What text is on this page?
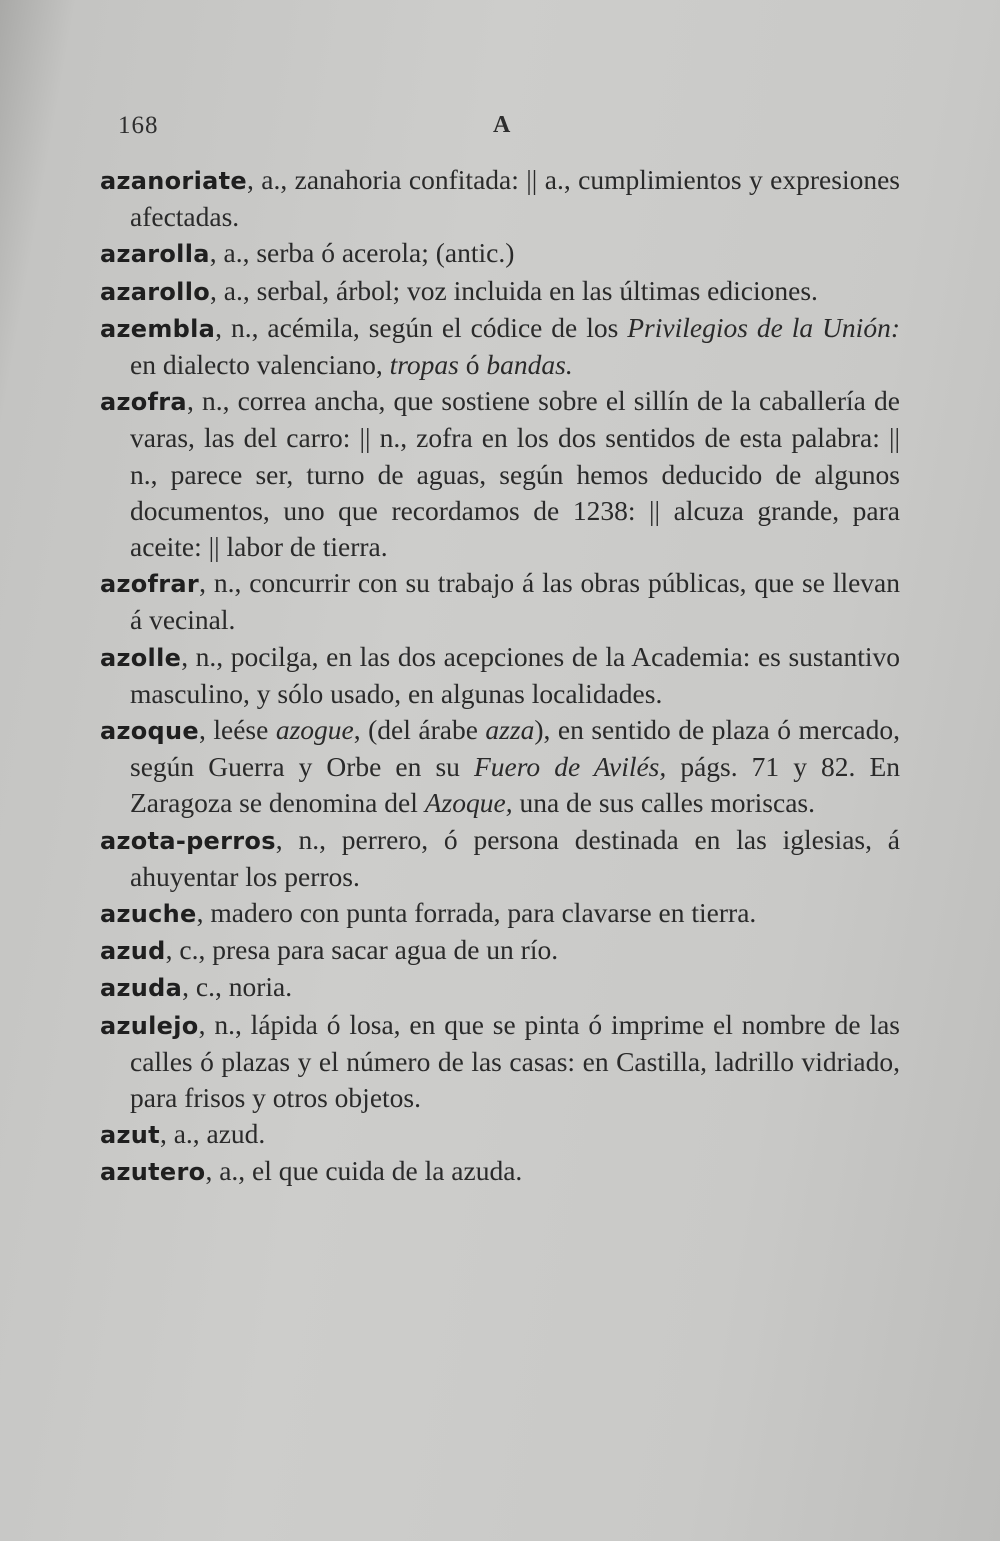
168	A

azanoriate, a., zanahoria confitada: || a., cumplimientos y expresiones afectadas.

azarolla, a., serba ó acerola; (antic.)

azarollo, a., serbal, árbol; voz incluida en las últimas ediciones.

azembla, n., acémila, según el códice de los Privilegios de la Unión: en dialecto valenciano, tropas ó bandas.

azofra, n., correa ancha, que sostiene sobre el sillín de la caballería de varas, las del carro: || n., zofra en los dos sentidos de esta palabra: || n., parece ser, turno de aguas, según hemos deducido de algunos documentos, uno que recordamos de 1238: || alcuza grande, para aceite: || labor de tierra.

azofrar, n., concurrir con su trabajo á las obras públicas, que se llevan á vecinal.

azolle, n., pocilga, en las dos acepciones de la Academia: es sustantivo masculino, y sólo usado, en algunas localidades.

azoque, leése azogue, (del árabe azza), en sentido de plaza ó mercado, según Guerra y Orbe en su Fuero de Avilés, págs. 71 y 82. En Zaragoza se denomina del Azoque, una de sus calles moriscas.

azota-perros, n., perrero, ó persona destinada en las iglesias, á ahuyentar los perros.

azuche, madero con punta forrada, para clavarse en tierra.

azud, c., presa para sacar agua de un río.

azuda, c., noria.

azulejo, n., lápida ó losa, en que se pinta ó imprime el nombre de las calles ó plazas y el número de las casas: en Castilla, ladrillo vidriado, para frisos y otros objetos.

azut, a., azud.

azutero, a., el que cuida de la azuda.
